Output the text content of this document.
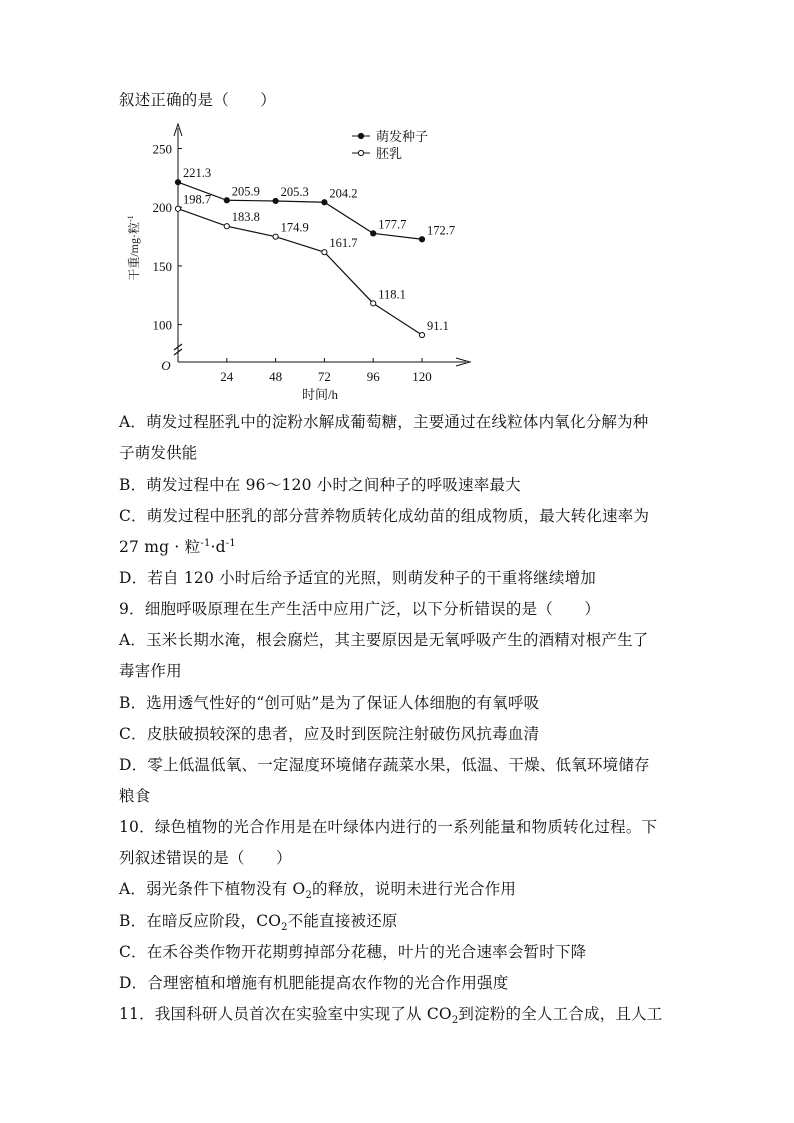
叙述正确的是（　　）
100
150
200
250
24	48	72	96	120
O
时间/h
干重/mg·粒$^{-1}$
221.3
205.9 205.3 204.2
177.7 172.7
198.7
183.8
174.9
161.7
118.1
91.1
萌发种子
胚乳
A．萌发过程胚乳中的淀粉水解成葡萄糖，主要通过在线粒体内氧化分解为种
子萌发供能
B．萌发过程中在 96～120 小时之间种子的呼吸速率最大
C．萌发过程中胚乳的部分营养物质转化成幼苗的组成物质，最大转化速率为
27 mg · 粒$^{-1}\cdot d^{-1}$
D．若自 120 小时后给予适宜的光照，则萌发种子的干重将继续增加
9．细胞呼吸原理在生产生活中应用广泛，以下分析错误的是（　　）
A．玉米长期水淹，根会腐烂，其主要原因是无氧呼吸产生的酒精对根产生了
毒害作用
B．选用透气性好的“创可贴”是为了保证人体细胞的有氧呼吸
C．皮肤破损较深的患者，应及时到医院注射破伤风抗毒血清
D．零上低温低氧、一定湿度环境储存蔬菜水果，低温、干燥、低氧环境储存
粮食
10．绿色植物的光合作用是在叶绿体内进行的一系列能量和物质转化过程。下
列叙述错误的是（　　）
A．弱光条件下植物没有 $O_2$的释放，说明未进行光合作用
B．在暗反应阶段，$CO_2$不能直接被还原
C．在禾谷类作物开花期剪掉部分花穗，叶片的光合速率会暂时下降
D．合理密植和增施有机肥能提高农作物的光合作用强度
11．我国科研人员首次在实验室中实现了从 $CO_2$到淀粉的全人工合成，且人工
